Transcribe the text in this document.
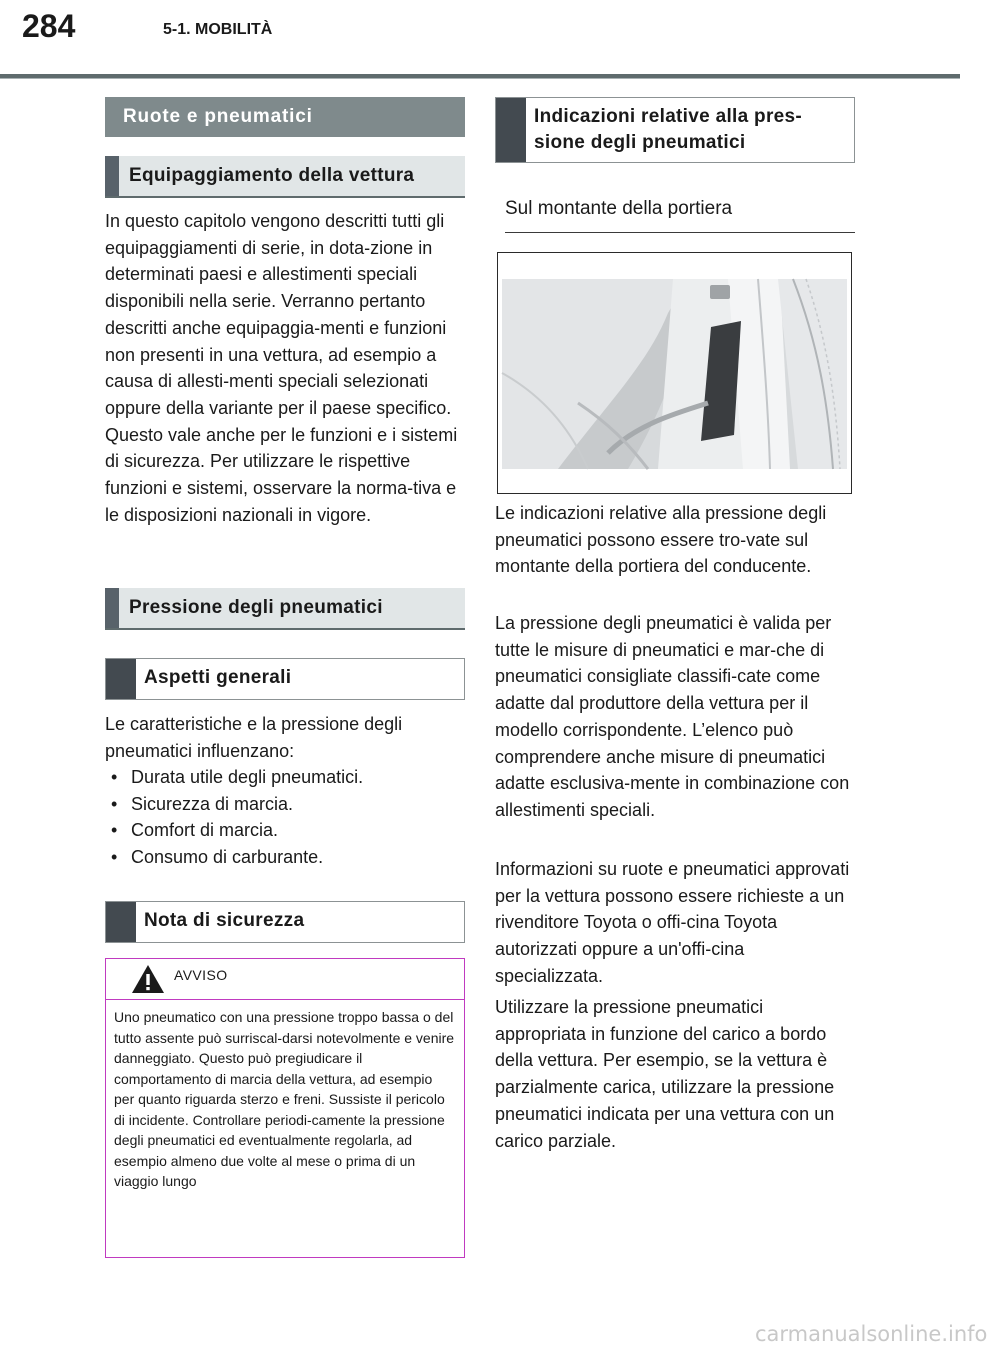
284	5-1. MOBILITÀ
Ruote e pneumatici
Equipaggiamento della vettura

In questo capitolo vengono descritti tutti gli equipaggiamenti di serie, in dota-zione in determinati paesi e allestimenti speciali disponibili nella serie. Verranno pertanto descritti anche equipaggia-menti e funzioni non presenti in una vettura, ad esempio a causa di allesti-menti speciali selezionati oppure della variante per il paese specifico. Questo vale anche per le funzioni e i sistemi di sicurezza. Per utilizzare le rispettive funzioni e sistemi, osservare la norma-tiva e le disposizioni nazionali in vigore.

Pressione degli pneumatici
Aspetti generali

Le caratteristiche e la pressione degli pneumatici influenzano:

• Durata utile degli pneumatici.
• Sicurezza di marcia.
• Comfort di marcia.
• Consumo di carburante.
Nota di sicurezza
AVVISO
Uno pneumatico con una pressione troppo bassa o del tutto assente può surriscal-darsi notevolmente e venire danneggiato. Questo può pregiudicare il comportamento di marcia della vettura, ad esempio per quanto riguarda sterzo e freni. Sussiste il pericolo di incidente. Controllare periodi-camente la pressione degli pneumatici ed eventualmente regolarla, ad esempio almeno due volte al mese o prima di un viaggio lungo
Indicazioni relative alla pres-sione degli pneumatici
Sul montante della portiera

Le indicazioni relative alla pressione degli pneumatici possono essere tro-vate sul montante della portiera del conducente.

La pressione degli pneumatici è valida per tutte le misure di pneumatici e mar-che di pneumatici consigliate classifi-cate come adatte dal produttore della vettura per il modello corrispondente. L’elenco può comprendere anche misure di pneumatici adatte esclusiva-mente in combinazione con allestimenti speciali.

Informazioni su ruote e pneumatici approvati per la vettura possono essere richieste a un rivenditore Toyota o offi-cina Toyota autorizzati oppure a un'offi-cina specializzata.

Utilizzare la pressione pneumatici appropriata in funzione del carico a bordo della vettura. Per esempio, se la vettura è parzialmente carica, utilizzare la pressione pneumatici indicata per una vettura con un carico parziale.

carmanualsonline.info
